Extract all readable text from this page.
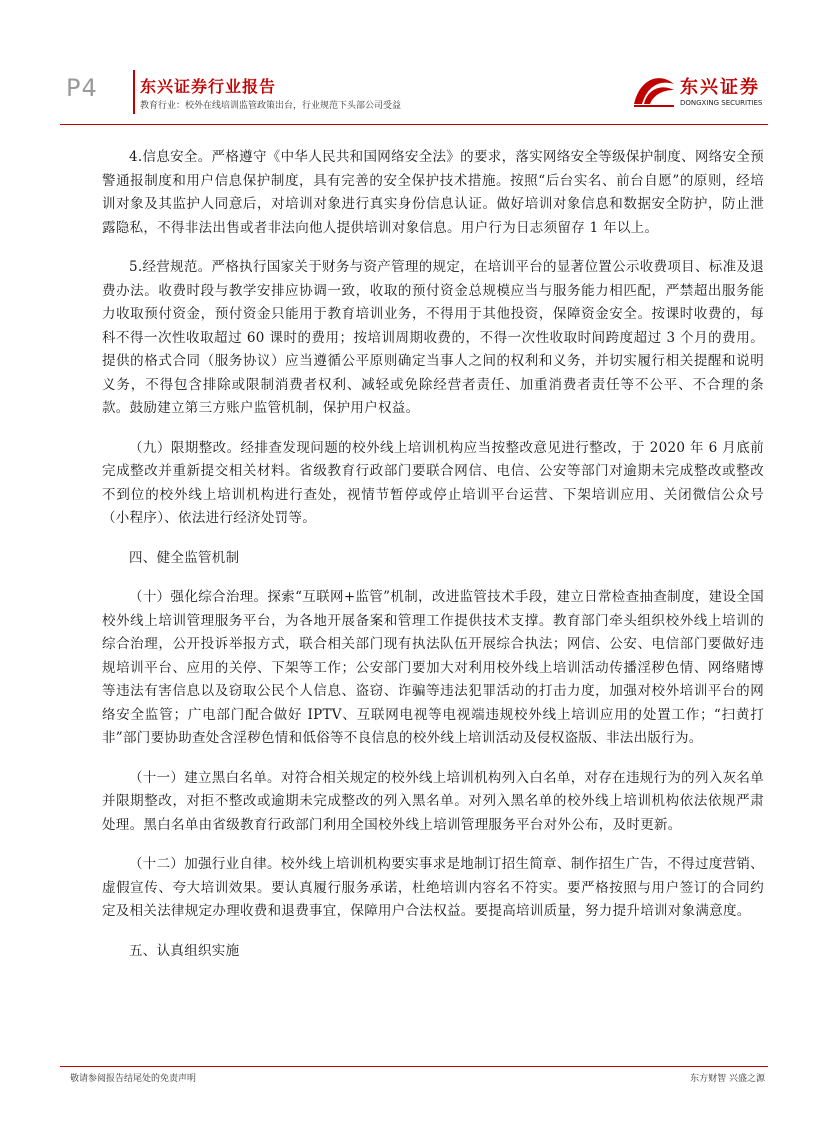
P4	东兴证券行业报告
教育行业：校外在线培训监管政策出台，行业规范下头部公司受益
东兴证券
DONGXING SECURITIES

4.信息安全。严格遵守《中华人民共和国网络安全法》的要求，落实网络安全等级保护制度、网络安全预警通报制度和用户信息保护制度，具有完善的安全保护技术措施。按照“后台实名、前台自愿”的原则，经培训对象及其监护人同意后，对培训对象进行真实身份信息认证。做好培训对象信息和数据安全防护，防止泄露隐私，不得非法出售或者非法向他人提供培训对象信息。用户行为日志须留存 1 年以上。

5.经营规范。严格执行国家关于财务与资产管理的规定，在培训平台的显著位置公示收费项目、标准及退费办法。收费时段与教学安排应协调一致，收取的预付资金总规模应当与服务能力相匹配，严禁超出服务能力收取预付资金，预付资金只能用于教育培训业务，不得用于其他投资，保障资金安全。按课时收费的，每科不得一次性收取超过 60 课时的费用；按培训周期收费的，不得一次性收取时间跨度超过 3 个月的费用。提供的格式合同（服务协议）应当遵循公平原则确定当事人之间的权利和义务，并切实履行相关提醒和说明义务，不得包含排除或限制消费者权利、减轻或免除经营者责任、加重消费者责任等不公平、不合理的条款。鼓励建立第三方账户监管机制，保护用户权益。

（九）限期整改。经排查发现问题的校外线上培训机构应当按整改意见进行整改，于 2020 年 6 月底前完成整改并重新提交相关材料。省级教育行政部门要联合网信、电信、公安等部门对逾期未完成整改或整改不到位的校外线上培训机构进行查处，视情节暂停或停止培训平台运营、下架培训应用、关闭微信公众号（小程序）、依法进行经济处罚等。

四、健全监管机制

（十）强化综合治理。探索“互联网+监管”机制，改进监管技术手段，建立日常检查抽查制度，建设全国校外线上培训管理服务平台，为各地开展备案和管理工作提供技术支撑。教育部门牵头组织校外线上培训的综合治理，公开投诉举报方式，联合相关部门现有执法队伍开展综合执法；网信、公安、电信部门要做好违规培训平台、应用的关停、下架等工作；公安部门要加大对利用校外线上培训活动传播淫秽色情、网络赌博等违法有害信息以及窃取公民个人信息、盗窃、诈骗等违法犯罪活动的打击力度，加强对校外培训平台的网络安全监管；广电部门配合做好 IPTV、互联网电视等电视端违规校外线上培训应用的处置工作；“扫黄打非”部门要协助查处含淫秽色情和低俗等不良信息的校外线上培训活动及侵权盗版、非法出版行为。

（十一）建立黑白名单。对符合相关规定的校外线上培训机构列入白名单，对存在违规行为的列入灰名单并限期整改，对拒不整改或逾期未完成整改的列入黑名单。对列入黑名单的校外线上培训机构依法依规严肃处理。黑白名单由省级教育行政部门利用全国校外线上培训管理服务平台对外公布，及时更新。

（十二）加强行业自律。校外线上培训机构要实事求是地制订招生简章、制作招生广告，不得过度营销、虚假宣传、夸大培训效果。要认真履行服务承诺，杜绝培训内容名不符实。要严格按照与用户签订的合同约定及相关法律规定办理收费和退费事宜，保障用户合法权益。要提高培训质量，努力提升培训对象满意度。

五、认真组织实施

敬请参阅报告结尾处的免责声明	东方财智 兴盛之源
